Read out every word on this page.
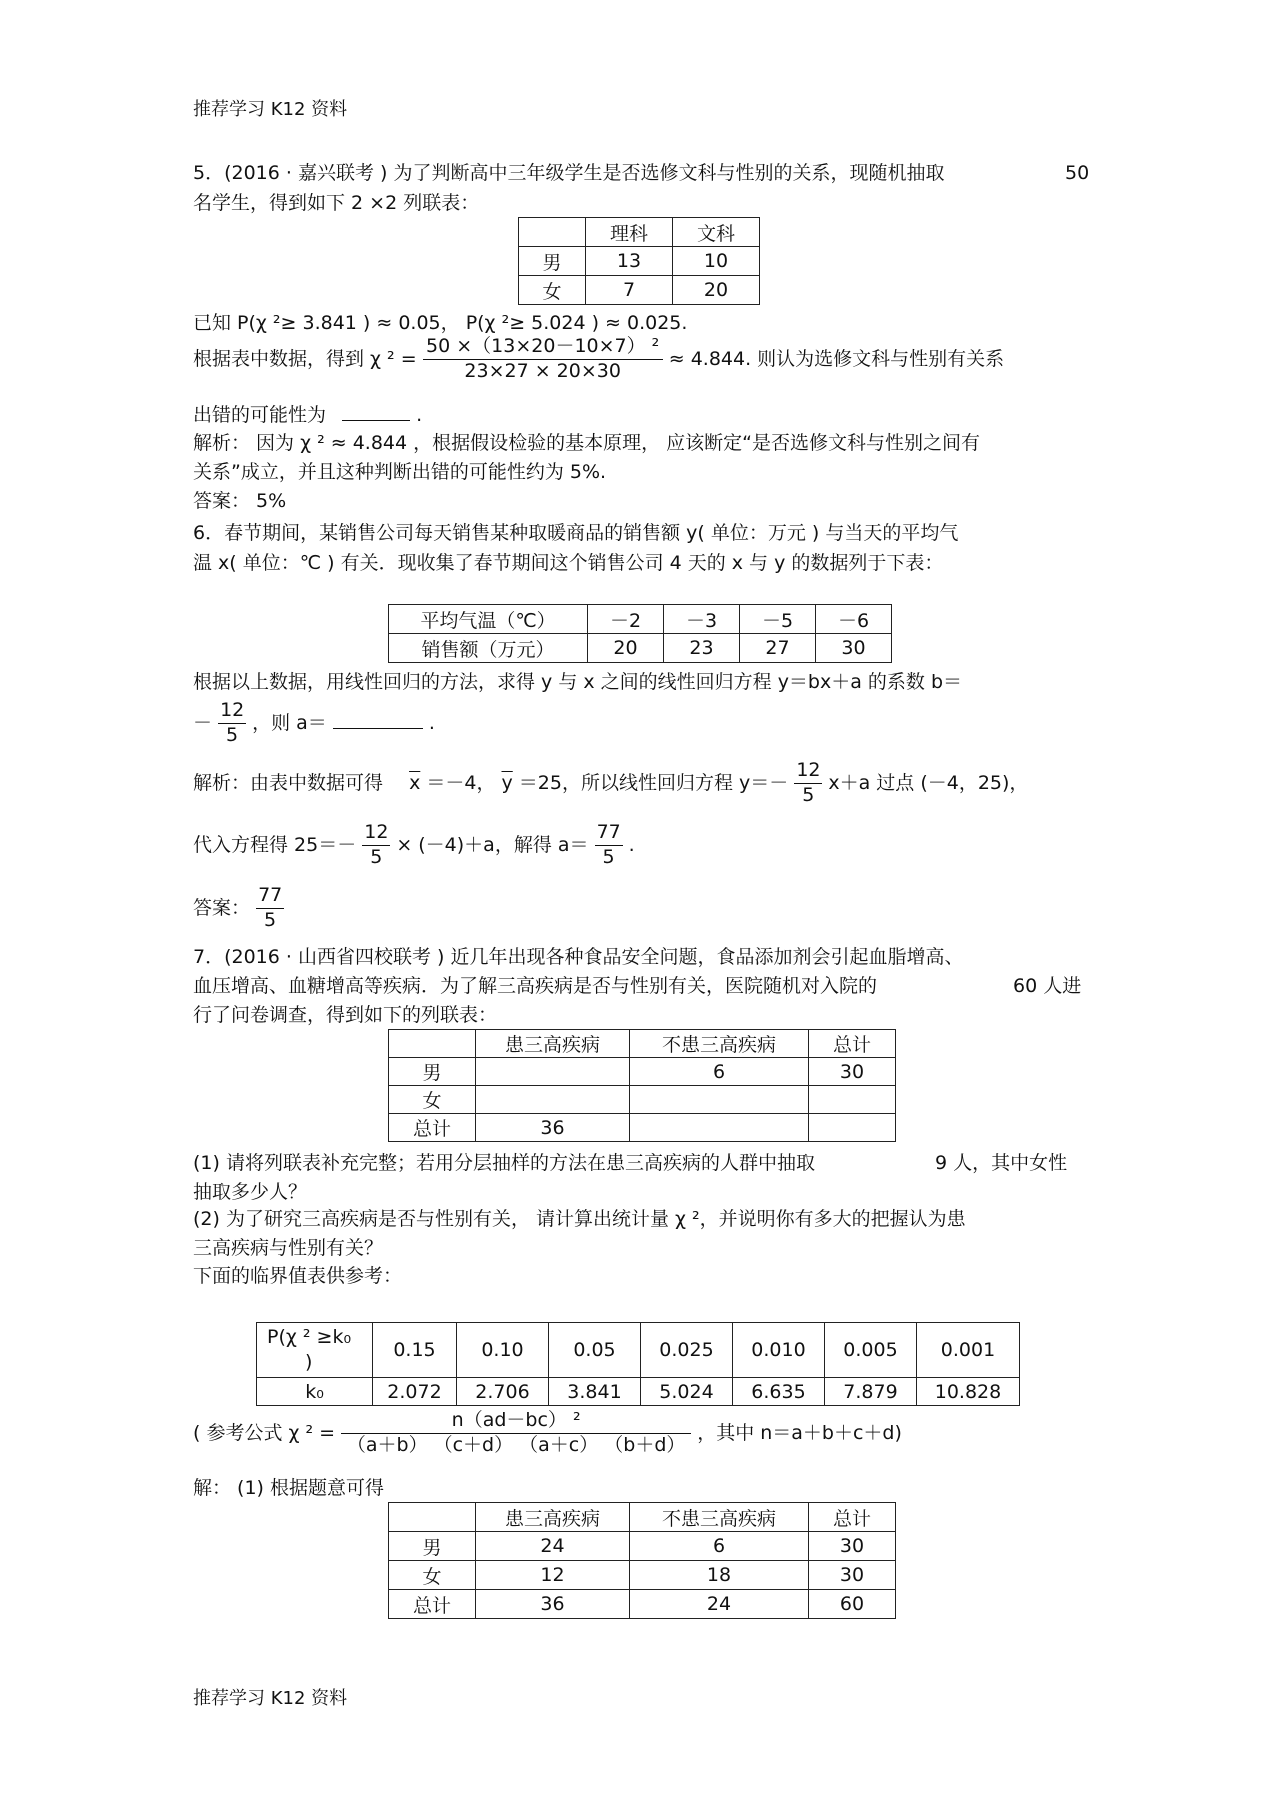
推荐学习 K12 资料
5．(2016 · 嘉兴联考 ) 为了判断高中三年级学生是否选修文科与性别的关系，现随机抽取	50
名学生，得到如下 2 ×2 列联表：
	理科	文科
男	13	10
女	7	20
已知 P(χ ²≥ 3.841 ) ≈ 0.05， P(χ ²≥ 5.024 ) ≈ 0.025.
根据表中数据，得到 χ $^2 = \frac{\text{50 ×（13×20－10×7） ²}}{23\times 27 \times 20\times 30} \approx 4.844$. 则认为选修文科与性别有关系
出错的可能性为	.
解析： 因为 χ ² ≈ 4.844 ，根据假设检验的基本原理， 应该断定“是否选修文科与性别之间有
关系”成立，并且这种判断出错的可能性约为 5%.
答案： 5%
6．春节期间，某销售公司每天销售某种取暖商品的销售额 y( 单位：万元 ) 与当天的平均气
温 x( 单位：℃ ) 有关．现收集了春节期间这个销售公司 4 天的 x 与 y 的数据列于下表：
平均气温（℃）	－2	－3	－5	－6
销售额（万元）	20	23	27	30
根据以上数据，用线性回归的方法，求得 y 与 x 之间的线性回归方程 y＝bx＋a 的系数 b＝
－ $\frac{12}{5}$ ，则 a＝	.
解析：由表中数据可得 $\overline{x} =-4$， $\overline{y} =25$，所以线性回归方程 $y=- \frac{12}{5} x+a$ 过点 (－4，25)，
代入方程得 $25=- \frac{12}{5} \times (-4)+a$，解得 $a= \frac{77}{5}$ .
答案： $\frac{77}{5}$
7．(2016 · 山西省四校联考 ) 近几年出现各种食品安全问题，食品添加剂会引起血脂增高、
血压增高、血糖增高等疾病．为了解三高疾病是否与性别有关，医院随机对入院的	60 人进
行了问卷调查，得到如下的列联表：
	患三高疾病	不患三高疾病	总计
男		6	30
女			
总计	36		
(1) 请将列联表补充完整；若用分层抽样的方法在患三高疾病的人群中抽取	9 人，其中女性
抽取多少人？
(2) 为了研究三高疾病是否与性别有关， 请计算出统计量 χ ²，并说明你有多大的把握认为患
三高疾病与性别有关？
下面的临界值表供参考：
P(χ ² ≥k₀
)	0.15	0.10	0.05	0.025	0.010	0.005	0.001
k₀	2.072	2.706	3.841	5.024	6.635	7.879	10.828
( 参考公式 χ $^2 = \frac{\text{n（ad－bc） ²}}{(a+b) (c+d) (a+c) (b+d)}$ ，其中 n＝a＋b＋c＋d)
解： (1) 根据题意可得
	患三高疾病	不患三高疾病	总计
男	24	6	30
女	12	18	30
总计	36	24	60
推荐学习 K12 资料
